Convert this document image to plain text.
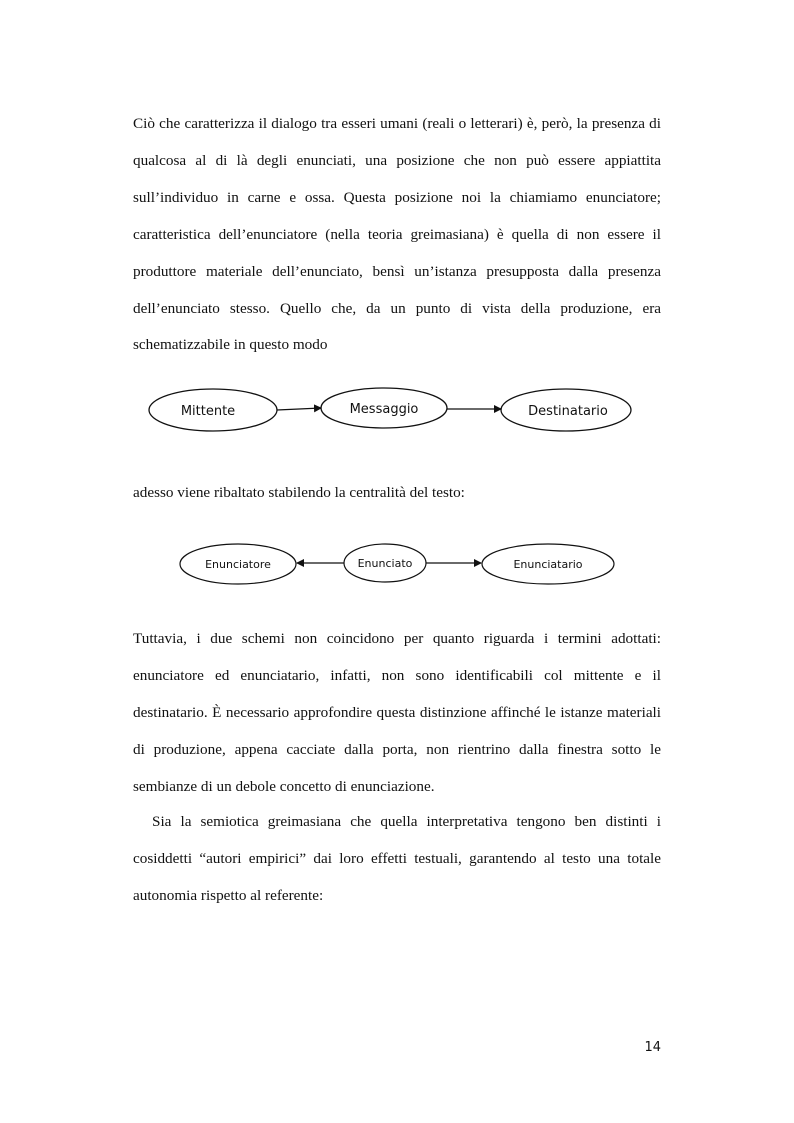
Ciò che caratterizza il dialogo tra esseri umani (reali o letterari) è, però, la presenza di qualcosa al di là degli enunciati, una posizione che non può essere appiattita sull’individuo in carne e ossa. Questa posizione noi la chiamiamo enunciatore; caratteristica dell’enunciatore (nella teoria greimasiana) è quella di non essere il produttore materiale dell’enunciato, bensì un’istanza presupposta dalla presenza dell’enunciato stesso. Quello che, da un punto di vista della produzione, era schematizzabile in questo modo

Mittente	Messaggio	Destinatario

adesso viene ribaltato stabilendo la centralità del testo:

Enunciatore	Enunciato	Enunciatario

Tuttavia, i due schemi non coincidono per quanto riguarda i termini adottati: enunciatore ed enunciatario, infatti, non sono identificabili col mittente e il destinatario. È necessario approfondire questa distinzione affinché le istanze materiali di produzione, appena cacciate dalla porta, non rientrino dalla finestra sotto le sembianze di un debole concetto di enunciazione.

Sia la semiotica greimasiana che quella interpretativa tengono ben distinti i cosiddetti “autori empirici” dai loro effetti testuali, garantendo al testo una totale autonomia rispetto al referente:

14
